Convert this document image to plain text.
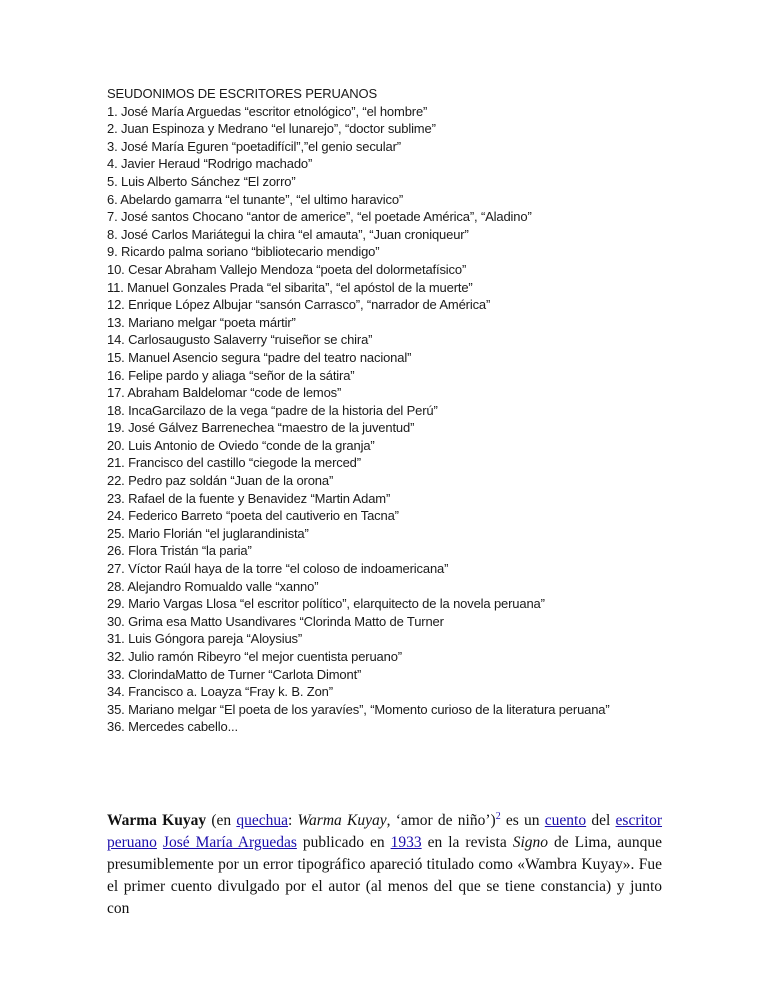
SEUDONIMOS DE ESCRITORES PERUANOS
1. José María Arguedas “escritor etnológico”, “el hombre”
2. Juan Espinoza y Medrano “el lunarejo”, “doctor sublime”
3. José María Eguren “poetadifícil”,”el genio secular”
4. Javier Heraud “Rodrigo machado”
5. Luis Alberto Sánchez “El zorro”
6. Abelardo gamarra “el tunante”, “el ultimo haravico”
7. José santos Chocano “antor de americe”, “el poetade América”, “Aladino”
8. José Carlos Mariátegui la chira “el amauta”, “Juan croniqueur”
9. Ricardo palma soriano “bibliotecario mendigo”
10. Cesar Abraham Vallejo Mendoza “poeta del dolormetafísico”
11. Manuel Gonzales Prada “el sibarita”, “el apóstol de la muerte”
12. Enrique López Albujar “sansón Carrasco”, “narrador de América”
13. Mariano melgar “poeta mártir”
14. Carlosaugusto Salaverry “ruiseñor se chira”
15. Manuel Asencio segura “padre del teatro nacional”
16. Felipe pardo y aliaga “señor de la sátira”
17. Abraham Baldelomar “code de lemos”
18. IncaGarcilazo de la vega “padre de la historia del Perú”
19. José Gálvez Barrenechea “maestro de la juventud”
20. Luis Antonio de Oviedo “conde de la granja”
21. Francisco del castillo “ciegode la merced”
22. Pedro paz soldán “Juan de la orona”
23. Rafael de la fuente y Benavidez “Martin Adam”
24. Federico Barreto “poeta del cautiverio en Tacna”
25. Mario Florián “el juglarandinista”
26. Flora Tristán “la paria”
27. Víctor Raúl haya de la torre “el coloso de indoamericana”
28. Alejandro Romualdo valle “xanno”
29. Mario Vargas Llosa “el escritor político”, elarquitecto de la novela peruana”
30. Grima esa Matto Usandivares “Clorinda Matto de Turner
31. Luis Góngora pareja “Aloysius”
32. Julio ramón Ribeyro “el mejor cuentista peruano”
33. ClorindaMatto de Turner “Carlota Dimont”
34. Francisco a. Loayza “Fray k. B. Zon”
35. Mariano melgar “El poeta de los yaravíes”, “Momento curioso de la literatura peruana”
36. Mercedes cabello...
Warma Kuyay (en quechua: Warma Kuyay, ‘amor de niño’)$^2$ es un cuento del escritor peruano José María Arguedas publicado en 1933 en la revista Signo de Lima, aunque presumiblemente por un error tipográfico apareció titulado como «Wambra Kuyay». Fue el primer cuento divulgado por el autor (al menos del que se tiene constancia) y junto con
